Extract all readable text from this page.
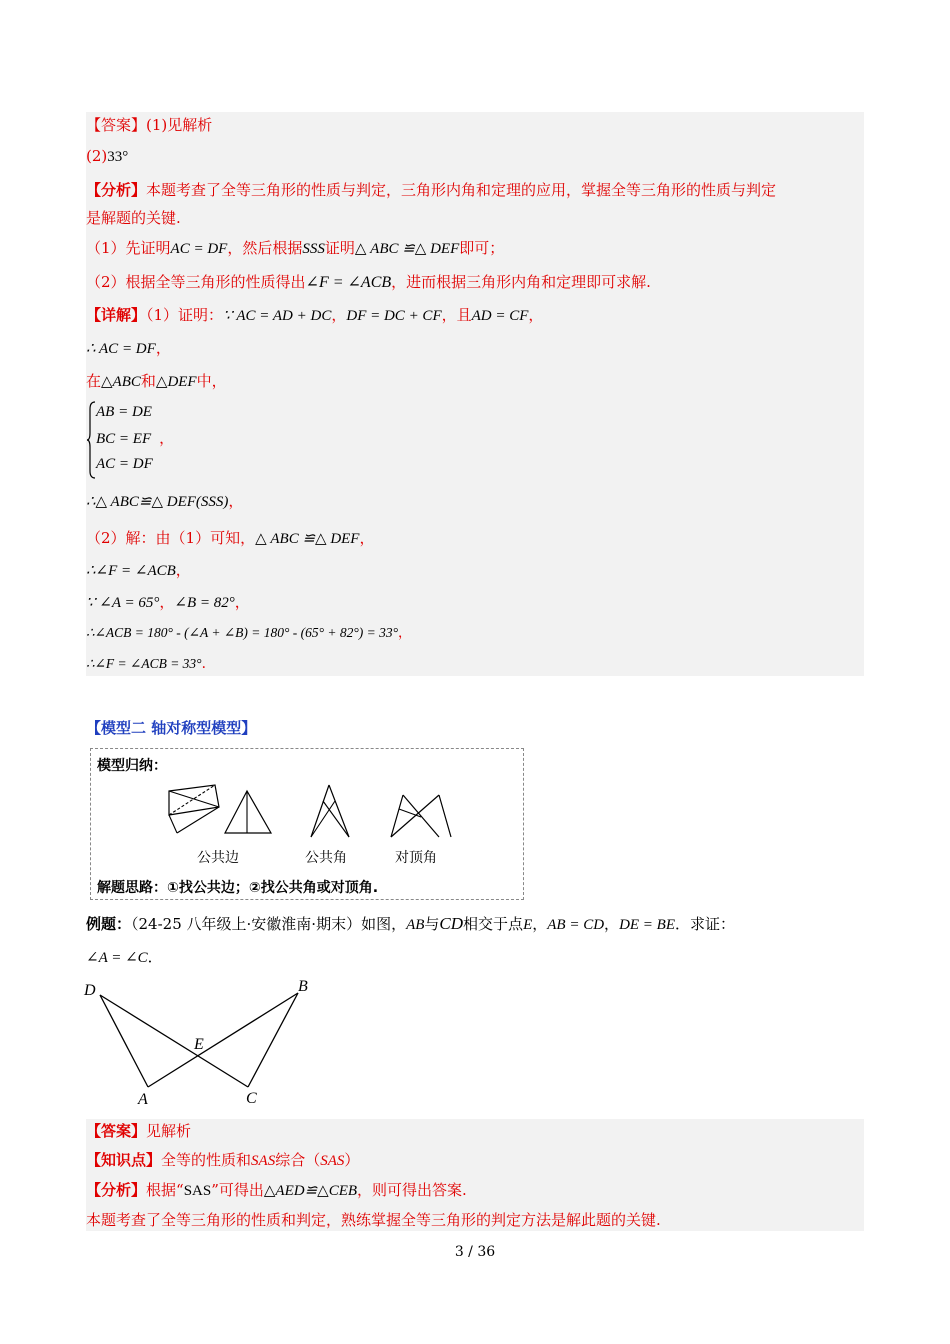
【答案】(1)见解析
(2)33°
【分析】本题考查了全等三角形的性质与判定，三角形内角和定理的应用，掌握全等三角形的性质与判定
是解题的关键.
（1）先证明AC = DF，然后根据SSS证明△ ABC ≌△ DEF即可；
（2）根据全等三角形的性质得出∠F = ∠ACB，进而根据三角形内角和定理即可求解.
【详解】（1）证明：∵ AC = AD + DC，DF = DC + CF，且AD = CF，
∴ AC = DF，
在△ABC和△DEF中，
AB = DE
BC = EF ，
AC = DF
∴△ ABC≌△ DEF(SSS)，
（2）解：由（1）可知，△ ABC ≌△ DEF，
∴∠F = ∠ACB，
∵ ∠A = 65°，∠B = 82°，
∴∠ACB = 180° - (∠A + ∠B) = 180° - (65° + 82°) = 33°，
∴∠F = ∠ACB = 33°.
【模型二 轴对称型模型】
模型归纳：
公共边	公共角	对顶角
解题思路：①找公共边；②找公共角或对顶角.
例题：（24-25 八年级上·安徽淮南·期末）如图，AB与CD相交于点E，AB = CD，DE = BE．求证：
∠A = ∠C．
D	B
E
A	C
【答案】见解析
【知识点】全等的性质和SAS综合（SAS）
【分析】根据“SAS”可得出△AED≌△CEB，则可得出答案.
本题考查了全等三角形的性质和判定，熟练掌握全等三角形的判定方法是解此题的关键.
3 / 36
